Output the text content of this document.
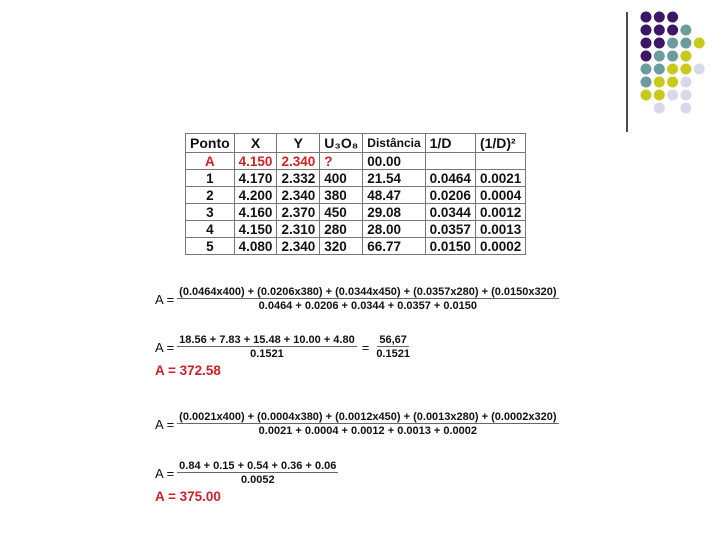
Ponto	X	Y	U₃O₈	Distância	1/D	(1/D)²
A	4.150	2.340	?	00.00		
1	4.170	2.332	400	21.54	0.0464	0.0021
2	4.200	2.340	380	48.47	0.0206	0.0004
3	4.160	2.370	450	29.08	0.0344	0.0012
4	4.150	2.310	280	28.00	0.0357	0.0013
5	4.080	2.340	320	66.77	0.0150	0.0002
A = (0.0464x400) + (0.0206x380) + (0.0344x450) + (0.0357x280) + (0.0150x320)
0.0464 + 0.0206 + 0.0344 + 0.0357 + 0.0150
$A = \frac{18.56 + 7.83 + 15.48 + 10.00 + 4.80}{0.1521} = \frac{56,67}{0.1521}$
A = 372.58
A = (0.0021x400) + (0.0004x380) + (0.0012x450) + (0.0013x280) + (0.0002x320)
0.0021 + 0.0004 + 0.0012 + 0.0013 + 0.0002
$A = \frac{0.84 + 0.15 + 0.54 + 0.36 + 0.06}{0.0052}$
A = 375.00
